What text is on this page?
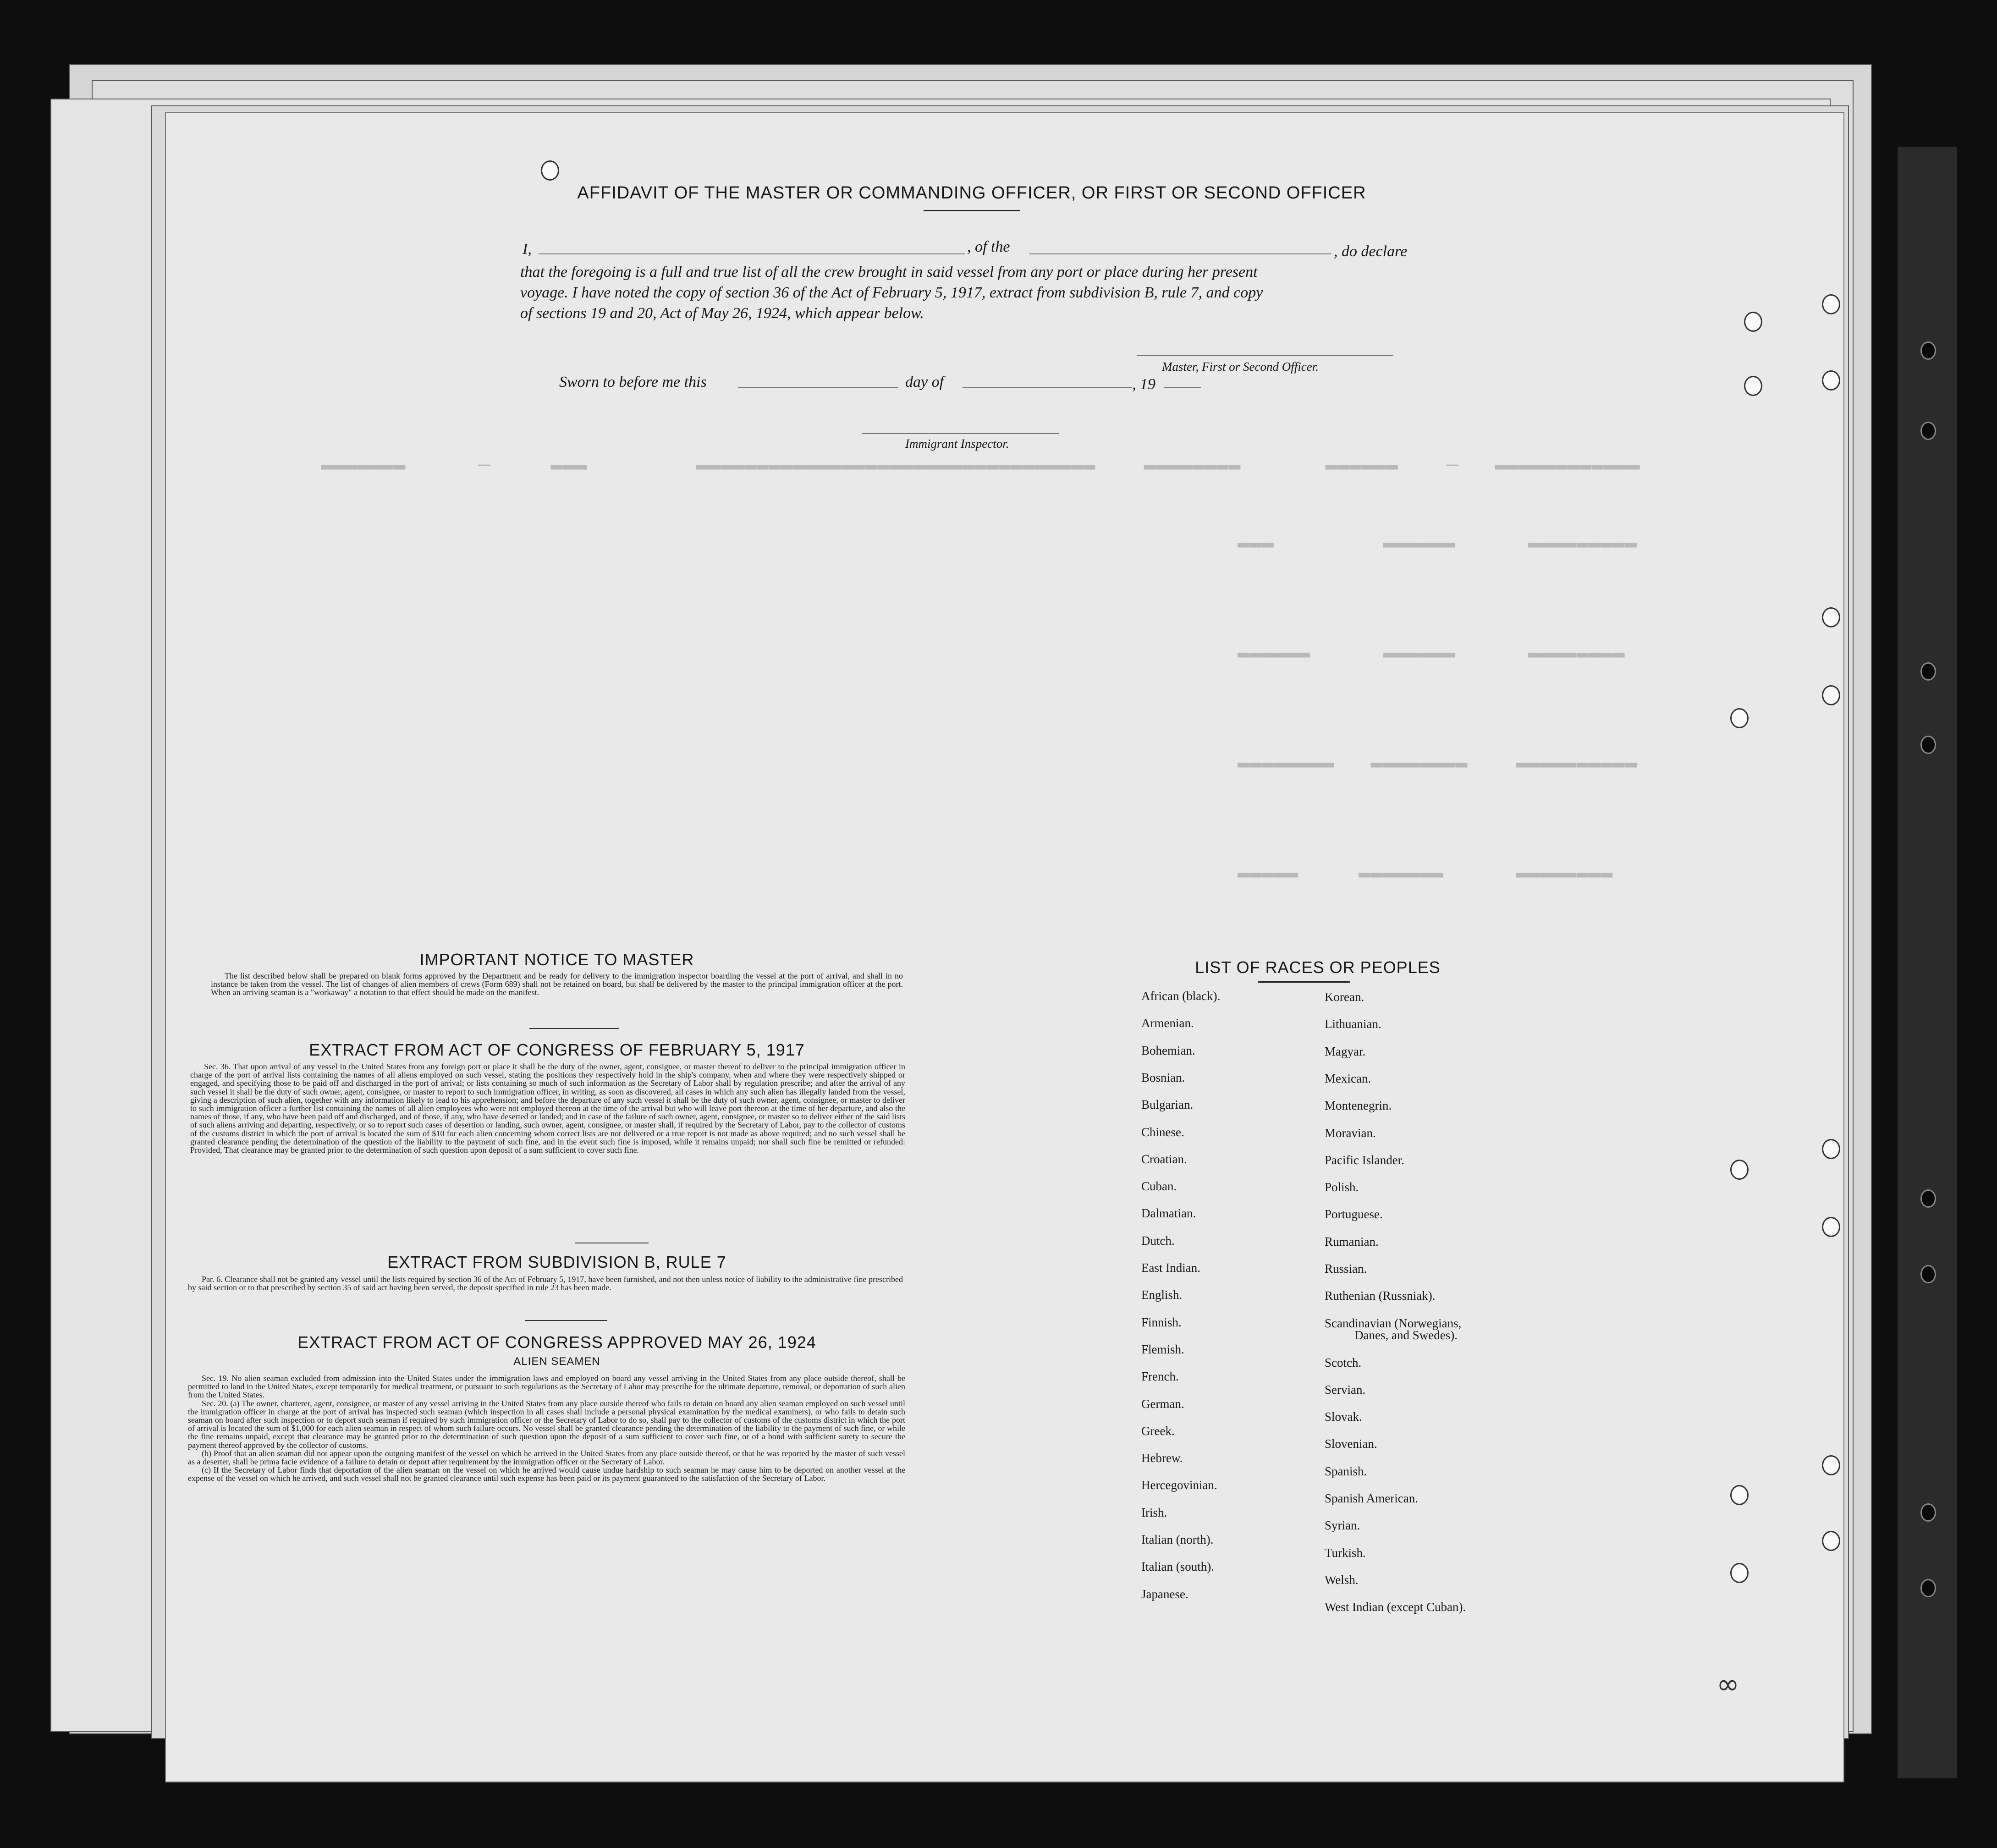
▬▬▬▬▬▬▬      —     ▬▬▬         ▬▬▬▬▬▬▬▬▬▬▬▬▬▬▬▬▬▬▬▬▬▬▬▬▬▬▬▬▬▬▬▬▬    ▬▬▬▬▬▬▬▬       ▬▬▬▬▬▬    —   ▬▬▬▬▬▬▬▬▬▬▬▬
▬▬▬         ▬▬▬▬▬▬      ▬▬▬▬▬▬▬▬▬
▬▬▬▬▬▬      ▬▬▬▬▬▬      ▬▬▬▬▬▬▬▬
▬▬▬▬▬▬▬▬   ▬▬▬▬▬▬▬▬    ▬▬▬▬▬▬▬▬▬▬
▬▬▬▬▬     ▬▬▬▬▬▬▬      ▬▬▬▬▬▬▬▬
AFFIDAVIT OF THE MASTER OR COMMANDING OFFICER, OR FIRST OR SECOND OFFICER
I,	, of the	, do declare
that the foregoing is a full and true list of all the crew brought in said vessel from any port or place during her present
voyage. I have noted the copy of section 36 of the Act of February 5, 1917, extract from subdivision B, rule 7, and copy
of sections 19 and 20, Act of May 26, 1924, which appear below.
Master, First or Second Officer.
Sworn to before me this	day of	, 19
Immigrant Inspector.
IMPORTANT NOTICE TO MASTER

The list described below shall be prepared on blank forms approved by the Department and be ready for delivery to the immigration inspector boarding the vessel at the port of arrival, and shall in no instance be taken from the vessel. The list of changes of alien members of crews (Form 689) shall not be retained on board, but shall be delivered by the master to the principal immigration officer at the port. When an arriving seaman is a "workaway" a notation to that effect should be made on the manifest.

EXTRACT FROM ACT OF CONGRESS OF FEBRUARY 5, 1917

Sec. 36. That upon arrival of any vessel in the United States from any foreign port or place it shall be the duty of the owner, agent, consignee, or master thereof to deliver to the principal immigration officer in charge of the port of arrival lists containing the names of all aliens employed on such vessel, stating the positions they respectively hold in the ship's company, when and where they were respectively shipped or engaged, and specifying those to be paid off and discharged in the port of arrival; or lists containing so much of such information as the Secretary of Labor shall by regulation prescribe; and after the arrival of any such vessel it shall be the duty of such owner, agent, consignee, or master to report to such immigration officer, in writing, as soon as discovered, all cases in which any such alien has illegally landed from the vessel, giving a description of such alien, together with any information likely to lead to his apprehension; and before the departure of any such vessel it shall be the duty of such owner, agent, consignee, or master to deliver to such immigration officer a further list containing the names of all alien employees who were not employed thereon at the time of the arrival but who will leave port thereon at the time of her departure, and also the names of those, if any, who have been paid off and discharged, and of those, if any, who have deserted or landed; and in case of the failure of such owner, agent, consignee, or master so to deliver either of the said lists of such aliens arriving and departing, respectively, or so to report such cases of desertion or landing, such owner, agent, consignee, or master shall, if required by the Secretary of Labor, pay to the collector of customs of the customs district in which the port of arrival is located the sum of $10 for each alien concerning whom correct lists are not delivered or a true report is not made as above required; and no such vessel shall be granted clearance pending the determination of the question of the liability to the payment of such fine, and in the event such fine is imposed, while it remains unpaid; nor shall such fine be remitted or refunded: Provided, That clearance may be granted prior to the determination of such question upon deposit of a sum sufficient to cover such fine.

EXTRACT FROM SUBDIVISION B, RULE 7

Par. 6. Clearance shall not be granted any vessel until the lists required by section 36 of the Act of February 5, 1917, have been furnished, and not then unless notice of liability to the administrative fine prescribed by said section or to that prescribed by section 35 of said act having been served, the deposit specified in rule 23 has been made.

EXTRACT FROM ACT OF CONGRESS APPROVED MAY 26, 1924
ALIEN SEAMEN

Sec. 19. No alien seaman excluded from admission into the United States under the immigration laws and employed on board any vessel arriving in the United States from any place outside thereof, shall be permitted to land in the United States, except temporarily for medical treatment, or pursuant to such regulations as the Secretary of Labor may prescribe for the ultimate departure, removal, or deportation of such alien from the United States.

Sec. 20. (a) The owner, charterer, agent, consignee, or master of any vessel arriving in the United States from any place outside thereof who fails to detain on board any alien seaman employed on such vessel until the immigration officer in charge at the port of arrival has inspected such seaman (which inspection in all cases shall include a personal physical examination by the medical examiners), or who fails to detain such seaman on board after such inspection or to deport such seaman if required by such immigration officer or the Secretary of Labor to do so, shall pay to the collector of customs of the customs district in which the port of arrival is located the sum of $1,000 for each alien seaman in respect of whom such failure occurs. No vessel shall be granted clearance pending the determination of the liability to the payment of such fine, or while the fine remains unpaid, except that clearance may be granted prior to the determination of such question upon the deposit of a sum sufficient to cover such fine, or of a bond with sufficient surety to secure the payment thereof approved by the collector of customs.

(b) Proof that an alien seaman did not appear upon the outgoing manifest of the vessel on which he arrived in the United States from any place outside thereof, or that he was reported by the master of such vessel as a deserter, shall be prima facie evidence of a failure to detain or deport after requirement by the immigration officer or the Secretary of Labor.

(c) If the Secretary of Labor finds that deportation of the alien seaman on the vessel on which he arrived would cause undue hardship to such seaman he may cause him to be deported on another vessel at the expense of the vessel on which he arrived, and such vessel shall not be granted clearance until such expense has been paid or its payment guaranteed to the satisfaction of the Secretary of Labor.

LIST OF RACES OR PEOPLES
African (black).
Armenian.
Bohemian.
Bosnian.
Bulgarian.
Chinese.
Croatian.
Cuban.
Dalmatian.
Dutch.
East Indian.
English.
Finnish.
Flemish.
French.
German.
Greek.
Hebrew.
Hercegovinian.
Irish.
Italian (north).
Italian (south).
Japanese.
Korean.
Lithuanian.
Magyar.
Mexican.
Montenegrin.
Moravian.
Pacific Islander.
Polish.
Portuguese.
Rumanian.
Russian.
Ruthenian (Russniak).
Scandinavian (Norwegians,
Danes, and Swedes).
Scotch.
Servian.
Slovak.
Slovenian.
Spanish.
Spanish American.
Syrian.
Turkish.
Welsh.
West Indian (except Cuban).
∞
